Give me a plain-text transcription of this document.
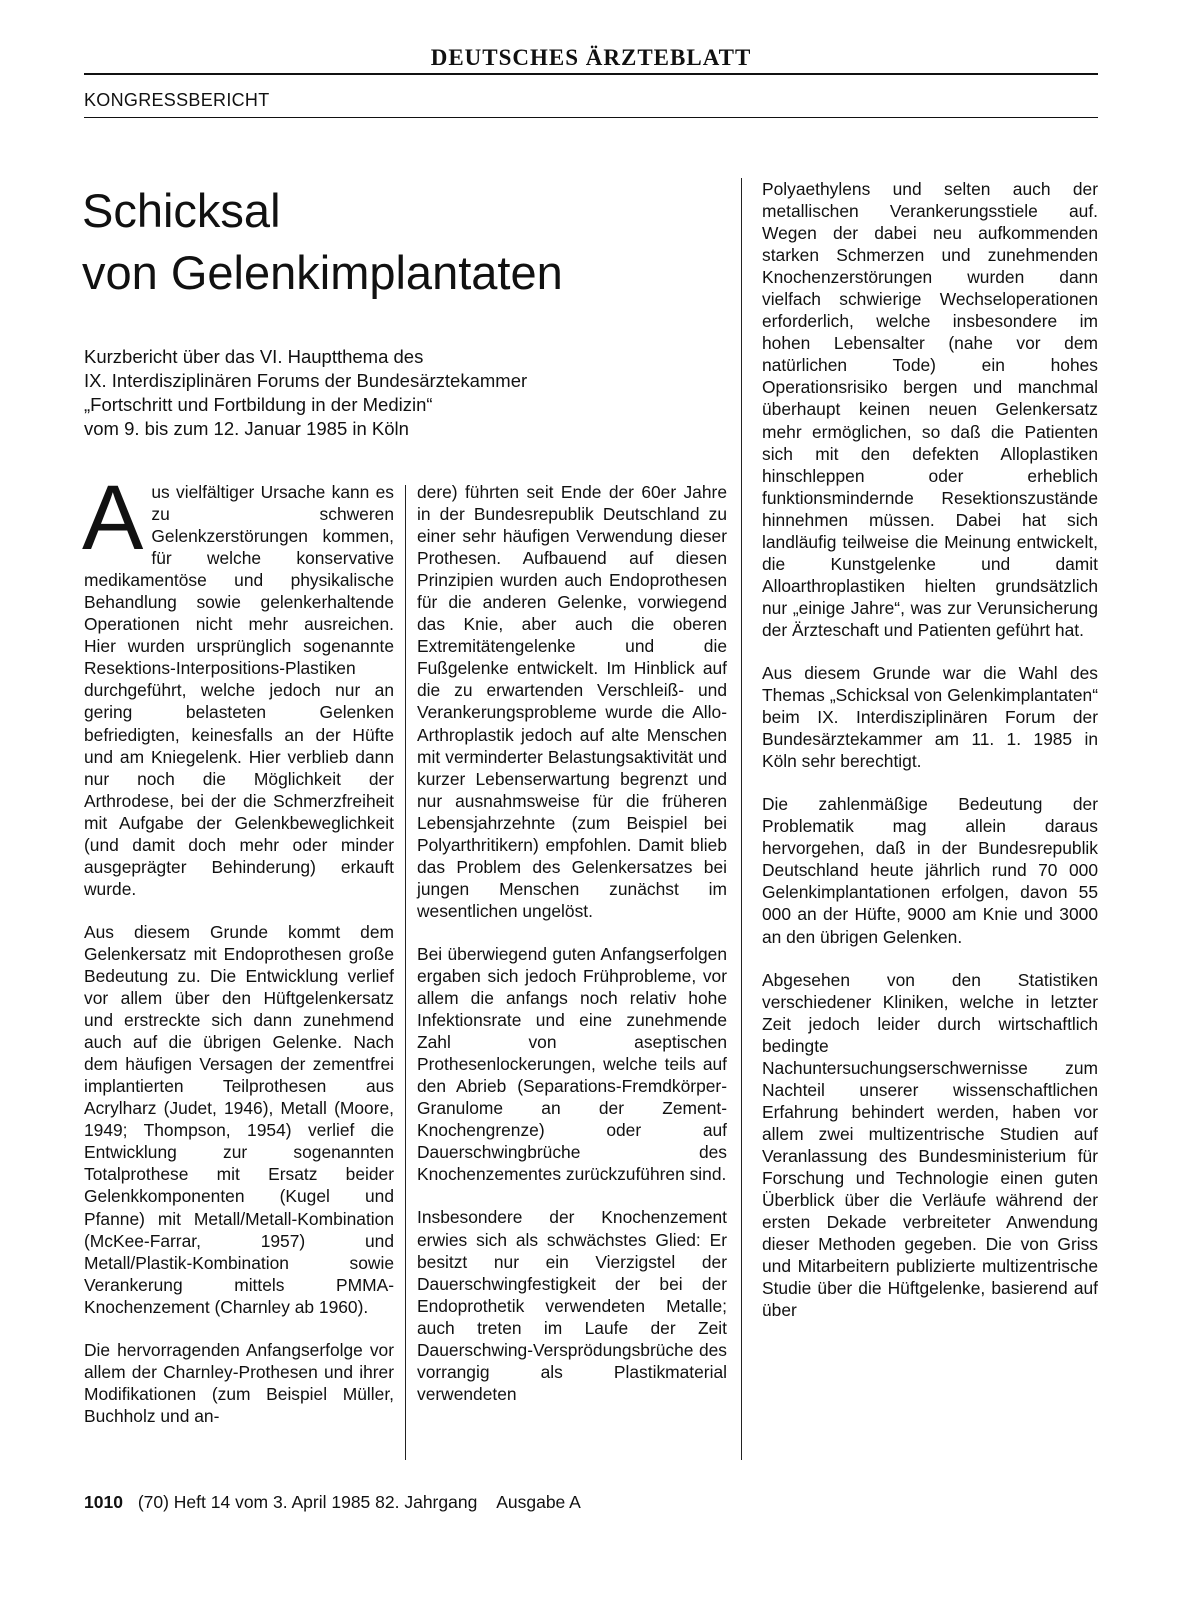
DEUTSCHES ÄRZTEBLATT
KONGRESSBERICHT
Schicksal
von Gelenkimplantaten
Kurzbericht über das VI. Hauptthema des
IX. Interdisziplinären Forums der Bundesärztekammer
„Fortschritt und Fortbildung in der Medizin“
vom 9. bis zum 12. Januar 1985 in Köln

Aus vielfältiger Ursache kann es zu schweren Gelenkzerstörungen kommen, für welche konservative medikamentöse und physikalische Behandlung sowie gelenkerhaltende Operationen nicht mehr ausreichen. Hier wurden ursprünglich sogenannte Resektions-Interpositions-Plastiken durchgeführt, welche jedoch nur an gering belasteten Gelenken befriedigten, keinesfalls an der Hüfte und am Kniegelenk. Hier verblieb dann nur noch die Möglichkeit der Arthrodese, bei der die Schmerzfreiheit mit Aufgabe der Gelenkbeweglichkeit (und damit doch mehr oder minder ausgeprägter Behinderung) erkauft wurde.

Aus diesem Grunde kommt dem Gelenkersatz mit Endoprothesen große Bedeutung zu. Die Entwicklung verlief vor allem über den Hüftgelenkersatz und erstreckte sich dann zunehmend auch auf die übrigen Gelenke. Nach dem häufigen Versagen der zementfrei implantierten Teilprothesen aus Acrylharz (Judet, 1946), Metall (Moore, 1949; Thompson, 1954) verlief die Entwicklung zur sogenannten Totalprothese mit Ersatz beider Gelenkkomponenten (Kugel und Pfanne) mit Metall/Metall-Kombination (McKee-Farrar, 1957) und Metall/Plastik-Kombination sowie Verankerung mittels PMMA-Knochenzement (Charnley ab 1960).

Die hervorragenden Anfangserfolge vor allem der Charnley-Prothesen und ihrer Modifikationen (zum Beispiel Müller, Buchholz und an-

dere) führten seit Ende der 60er Jahre in der Bundesrepublik Deutschland zu einer sehr häufigen Verwendung dieser Prothesen. Aufbauend auf diesen Prinzipien wurden auch Endoprothesen für die anderen Gelenke, vorwiegend das Knie, aber auch die oberen Extremitätengelenke und die Fußgelenke entwickelt. Im Hinblick auf die zu erwartenden Verschleiß- und Verankerungsprobleme wurde die Allo-Arthroplastik jedoch auf alte Menschen mit verminderter Belastungsaktivität und kurzer Lebenserwartung begrenzt und nur ausnahmsweise für die früheren Lebensjahrzehnte (zum Beispiel bei Polyarthritikern) empfohlen. Damit blieb das Problem des Gelenkersatzes bei jungen Menschen zunächst im wesentlichen ungelöst.

Bei überwiegend guten Anfangserfolgen ergaben sich jedoch Frühprobleme, vor allem die anfangs noch relativ hohe Infektionsrate und eine zunehmende Zahl von aseptischen Prothesenlockerungen, welche teils auf den Abrieb (Separations-Fremdkörper-Granulome an der Zement-Knochengrenze) oder auf Dauerschwingbrüche des Knochenzementes zurückzuführen sind.

Insbesondere der Knochenzement erwies sich als schwächstes Glied: Er besitzt nur ein Vierzigstel der Dauerschwingfestigkeit der bei der Endoprothetik verwendeten Metalle; auch treten im Laufe der Zeit Dauerschwing-Versprödungsbrüche des vorrangig als Plastikmaterial verwendeten

Polyaethylens und selten auch der metallischen Verankerungsstiele auf. Wegen der dabei neu aufkommenden starken Schmerzen und zunehmenden Knochenzerstörungen wurden dann vielfach schwierige Wechseloperationen erforderlich, welche insbesondere im hohen Lebensalter (nahe vor dem natürlichen Tode) ein hohes Operationsrisiko bergen und manchmal überhaupt keinen neuen Gelenkersatz mehr ermöglichen, so daß die Patienten sich mit den defekten Alloplastiken hinschleppen oder erheblich funktionsmindernde Resektionszustände hinnehmen müssen. Dabei hat sich landläufig teilweise die Meinung entwickelt, die Kunstgelenke und damit Alloarthroplastiken hielten grundsätzlich nur „einige Jahre“, was zur Verunsicherung der Ärzteschaft und Patienten geführt hat.

Aus diesem Grunde war die Wahl des Themas „Schicksal von Gelenkimplantaten“ beim IX. Interdisziplinären Forum der Bundesärztekammer am 11. 1. 1985 in Köln sehr berechtigt.

Die zahlenmäßige Bedeutung der Problematik mag allein daraus hervorgehen, daß in der Bundesrepublik Deutschland heute jährlich rund 70 000 Gelenkimplantationen erfolgen, davon 55 000 an der Hüfte, 9000 am Knie und 3000 an den übrigen Gelenken.

Abgesehen von den Statistiken verschiedener Kliniken, welche in letzter Zeit jedoch leider durch wirtschaftlich bedingte Nachuntersuchungserschwernisse zum Nachteil unserer wissenschaftlichen Erfahrung behindert werden, haben vor allem zwei multizentrische Studien auf Veranlassung des Bundesministerium für Forschung und Technologie einen guten Überblick über die Verläufe während der ersten Dekade verbreiteter Anwendung dieser Methoden gegeben. Die von Griss und Mitarbeitern publizierte multizentrische Studie über die Hüftgelenke, basierend auf über

1010 (70) Heft 14 vom 3. April 1985 82. Jahrgang Ausgabe A
